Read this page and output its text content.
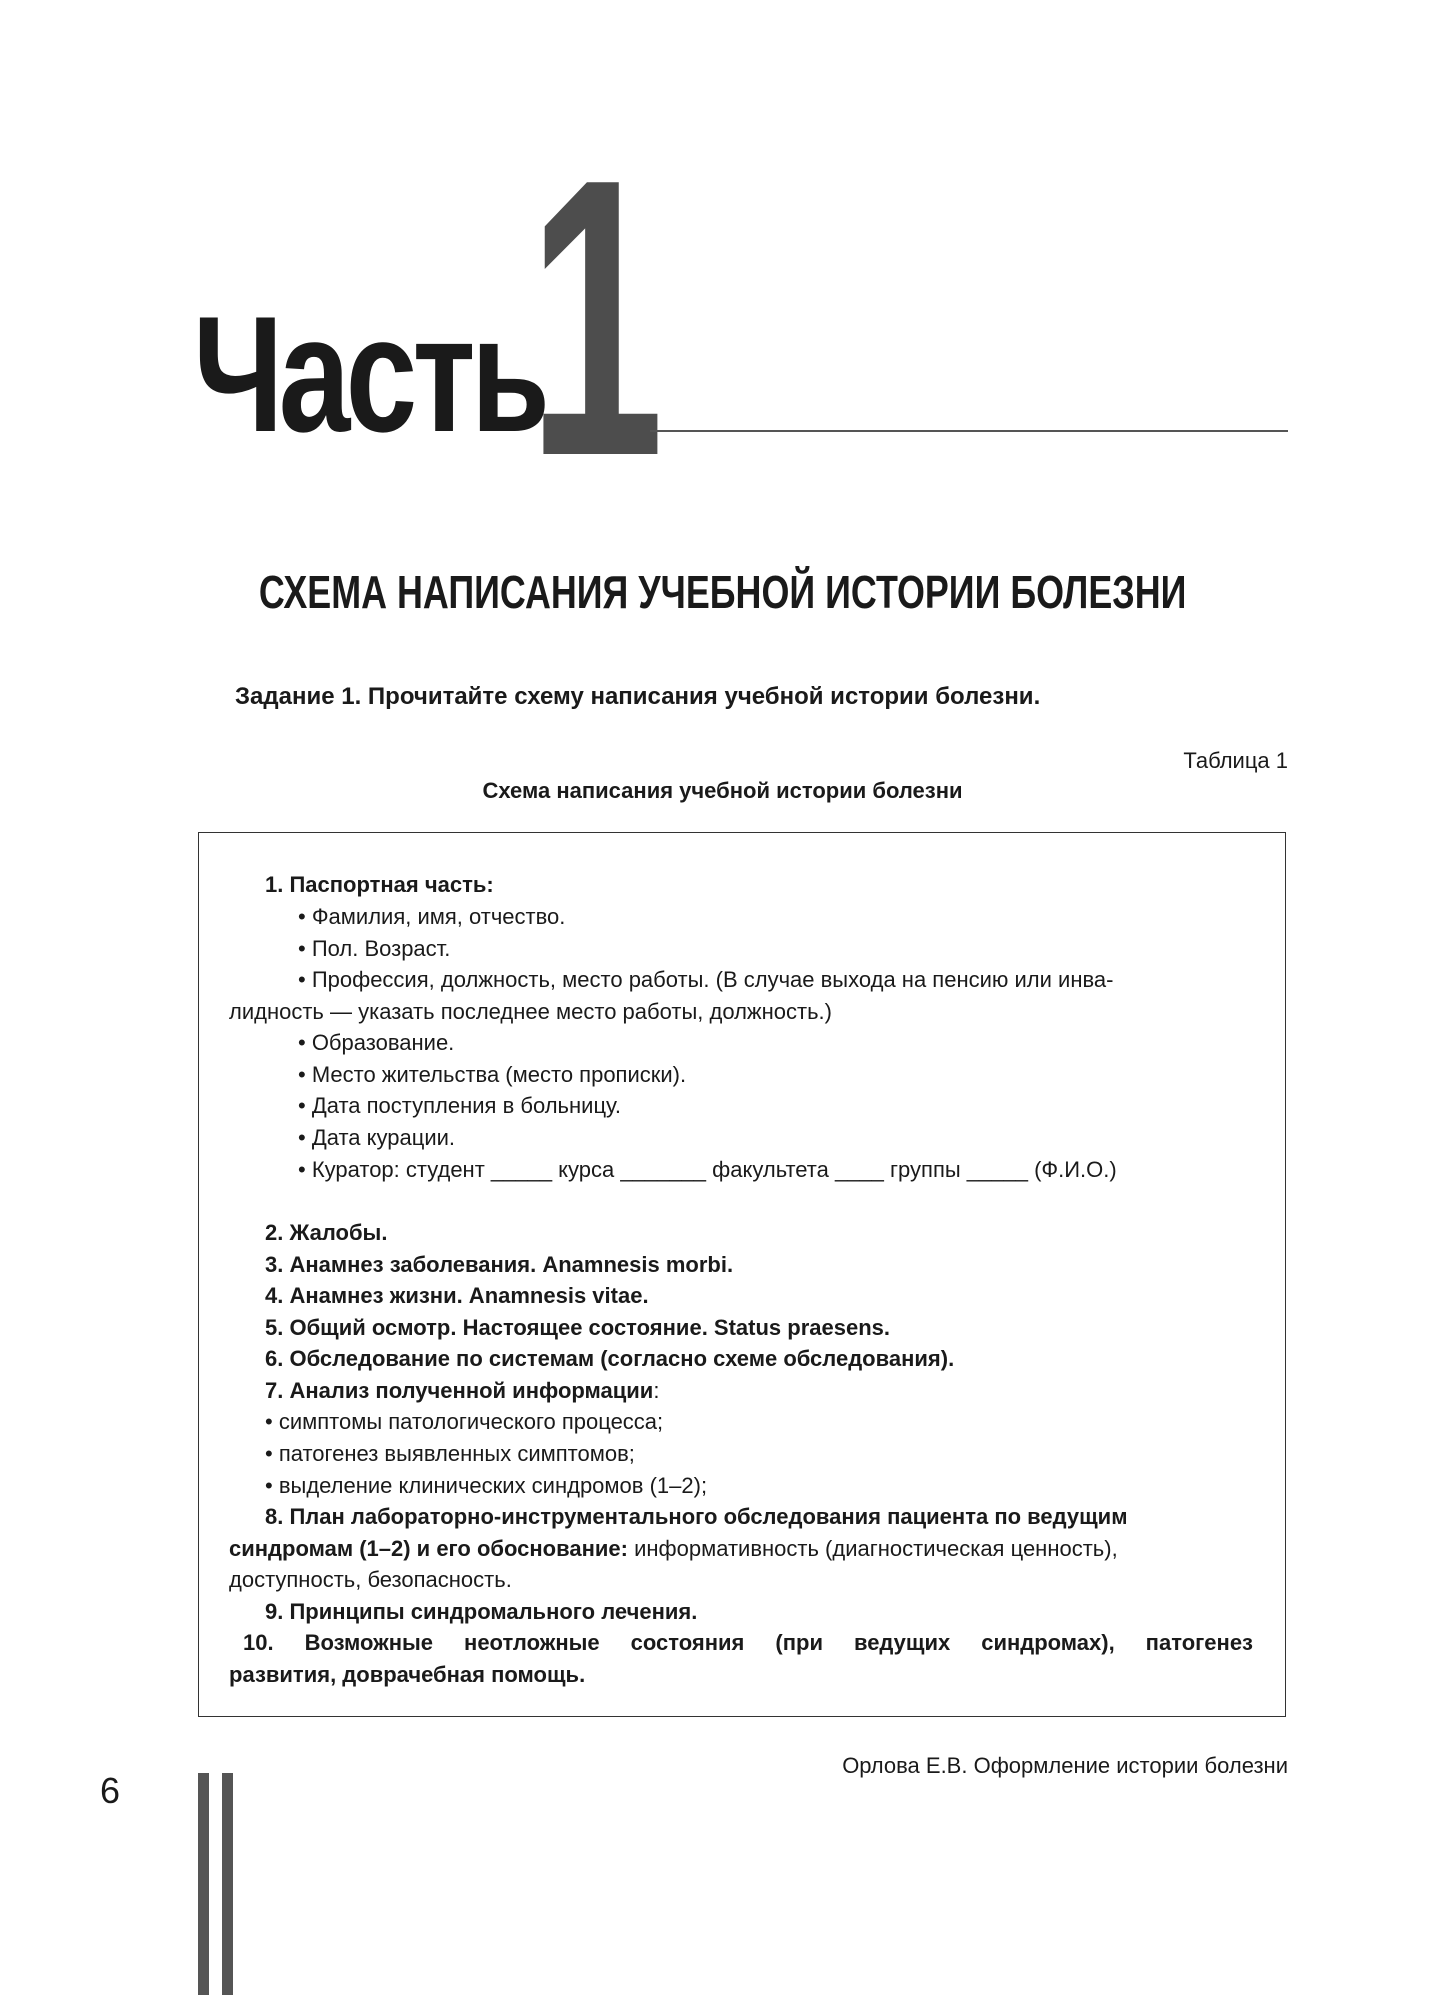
Часть
1
СХЕМА НАПИСАНИЯ УЧЕБНОЙ ИСТОРИИ БОЛЕЗНИ
Задание 1. Прочитайте схему написания учебной истории болезни.
Таблица 1
Схема написания учебной истории болезни
1. Паспортная часть:
• Фамилия, имя, отчество.
• Пол. Возраст.
• Профессия, должность, место работы. (В случае выхода на пенсию или инва-
лидность — указать последнее место работы, должность.)
• Образование.
• Место жительства (место прописки).
• Дата поступления в больницу.
• Дата курации.
• Куратор: студент _____ курса _______ факультета ____ группы _____ (Ф.И.О.)
2. Жалобы.
3. Анамнез заболевания. Anamnesis morbi.
4. Анамнез жизни. Anamnesis vitae.
5. Общий осмотр. Настоящее состояние. Status praesens.
6. Обследование по системам (согласно схеме обследования).
7. Анализ полученной информации:
• симптомы патологического процесса;
• патогенез выявленных симптомов;
• выделение клинических синдромов (1–2);
8. План лабораторно-инструментального обследования пациента по ведущим
синдромам (1–2) и его обоснование: информативность (диагностическая ценность),
доступность, безопасность.
9. Принципы синдромального лечения.
10. Возможные неотложные состояния (при ведущих синдромах), патогенез
развития, доврачебная помощь.
Орлова Е.В. Оформление истории болезни
6
